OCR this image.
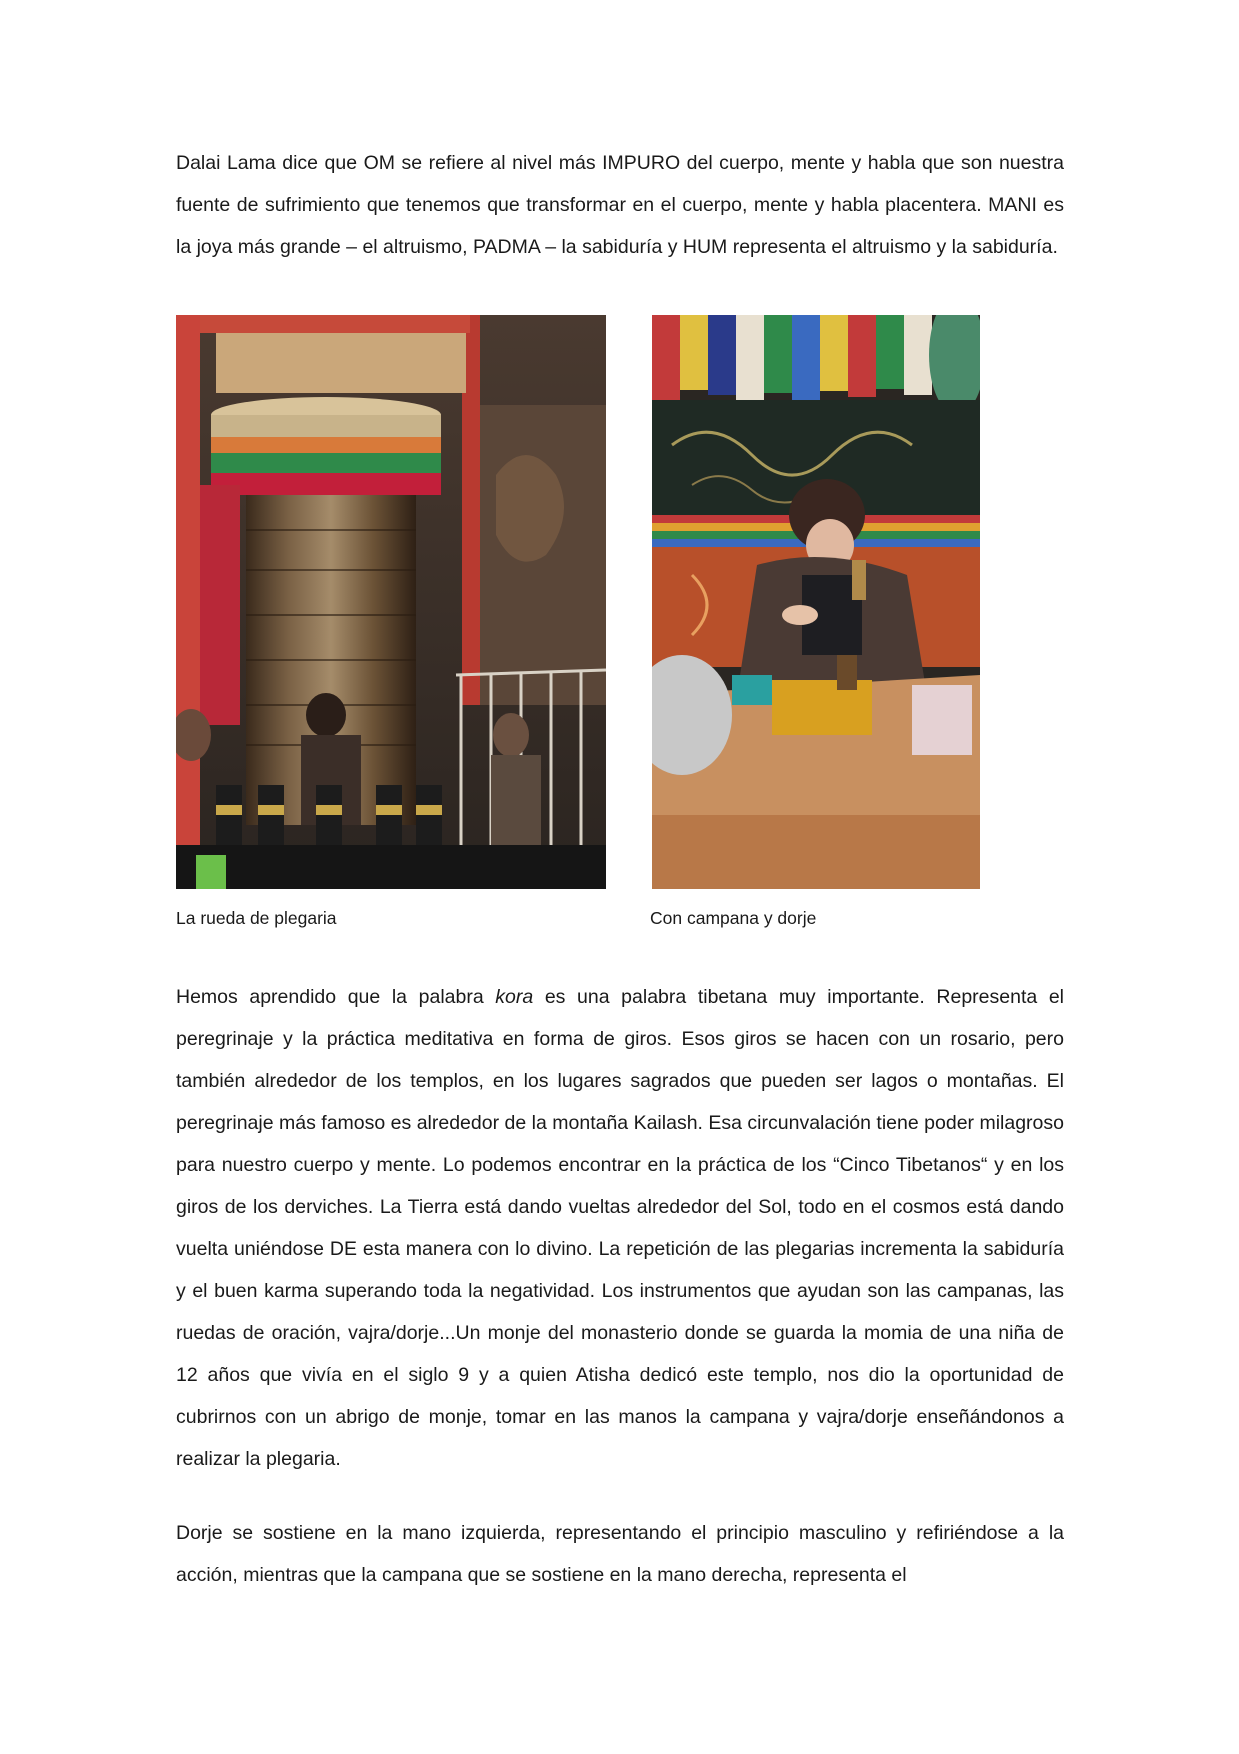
Dalai Lama dice que OM se refiere al nivel más IMPURO del cuerpo, mente y habla que son nuestra fuente de sufrimiento que tenemos que transformar en el cuerpo, mente y habla placentera. MANI es la joya más grande – el altruismo, PADMA – la sabiduría y HUM representa el altruismo y la sabiduría.

La rueda de plegaria	Con campana y dorje

Hemos aprendido que la palabra kora es una palabra tibetana muy importante. Representa el peregrinaje y la práctica meditativa en forma de giros. Esos giros se hacen con un rosario, pero también alrededor de los templos, en los lugares sagrados que pueden ser lagos o montañas. El peregrinaje más famoso es alrededor de la montaña Kailash. Esa circunvalación tiene poder milagroso para nuestro cuerpo y mente. Lo podemos encontrar en la práctica de los “Cinco Tibetanos“ y en los giros de los derviches. La Tierra está dando vueltas alrededor del Sol, todo en el cosmos está dando vuelta uniéndose DE esta manera con lo divino. La repetición de las plegarias incrementa la sabiduría y el buen karma superando toda la negatividad. Los instrumentos que ayudan son las campanas, las ruedas de oración, vajra/dorje...Un monje del monasterio donde se guarda la momia de una niña de 12 años que vivía en el siglo 9 y a quien Atisha dedicó este templo, nos dio la oportunidad de cubrirnos con un abrigo de monje, tomar en las manos la campana y vajra/dorje enseñándonos a realizar la plegaria.

Dorje se sostiene en la mano izquierda, representando el principio masculino y refiriéndose a la acción, mientras que la campana que se sostiene en la mano derecha, representa el
